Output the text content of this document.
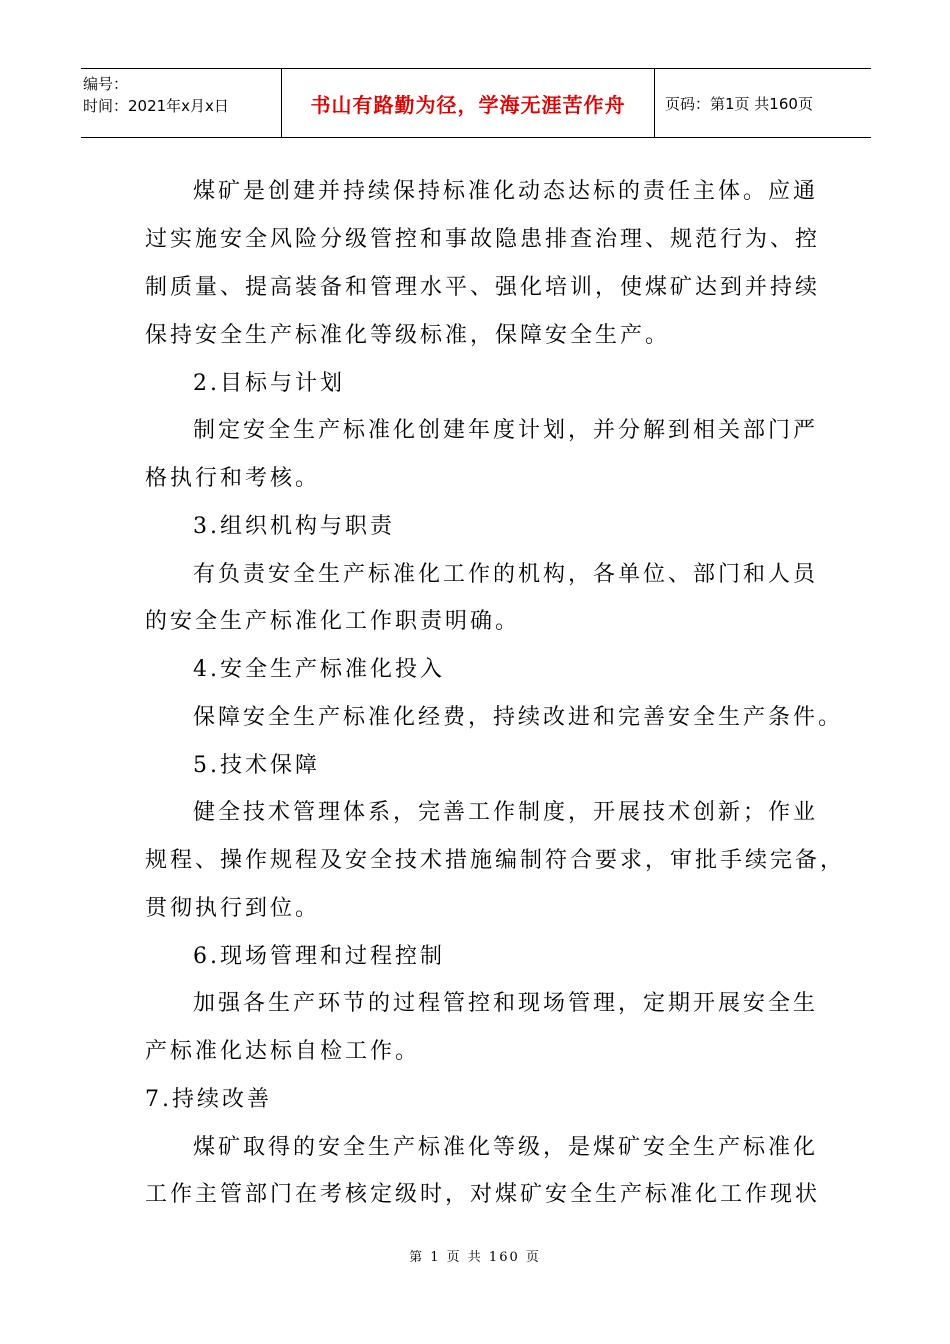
编号：
时间：2021年x月x日	书山有路勤为径，学海无涯苦作舟	页码：第1页 共160页
煤矿是创建并持续保持标准化动态达标的责任主体。应通
过实施安全风险分级管控和事故隐患排查治理、规范行为、控
制质量、提高装备和管理水平、强化培训，使煤矿达到并持续
保持安全生产标准化等级标准，保障安全生产。
2.目标与计划
制定安全生产标准化创建年度计划，并分解到相关部门严
格执行和考核。
3.组织机构与职责
有负责安全生产标准化工作的机构，各单位、部门和人员
的安全生产标准化工作职责明确。
4.安全生产标准化投入
保障安全生产标准化经费，持续改进和完善安全生产条件。
5.技术保障
健全技术管理体系，完善工作制度，开展技术创新；作业
规程、操作规程及安全技术措施编制符合要求，审批手续完备，
贯彻执行到位。
6.现场管理和过程控制
加强各生产环节的过程管控和现场管理，定期开展安全生
产标准化达标自检工作。
7.持续改善
煤矿取得的安全生产标准化等级，是煤矿安全生产标准化
工作主管部门在考核定级时，对煤矿安全生产标准化工作现状
第 1 页 共 160 页
